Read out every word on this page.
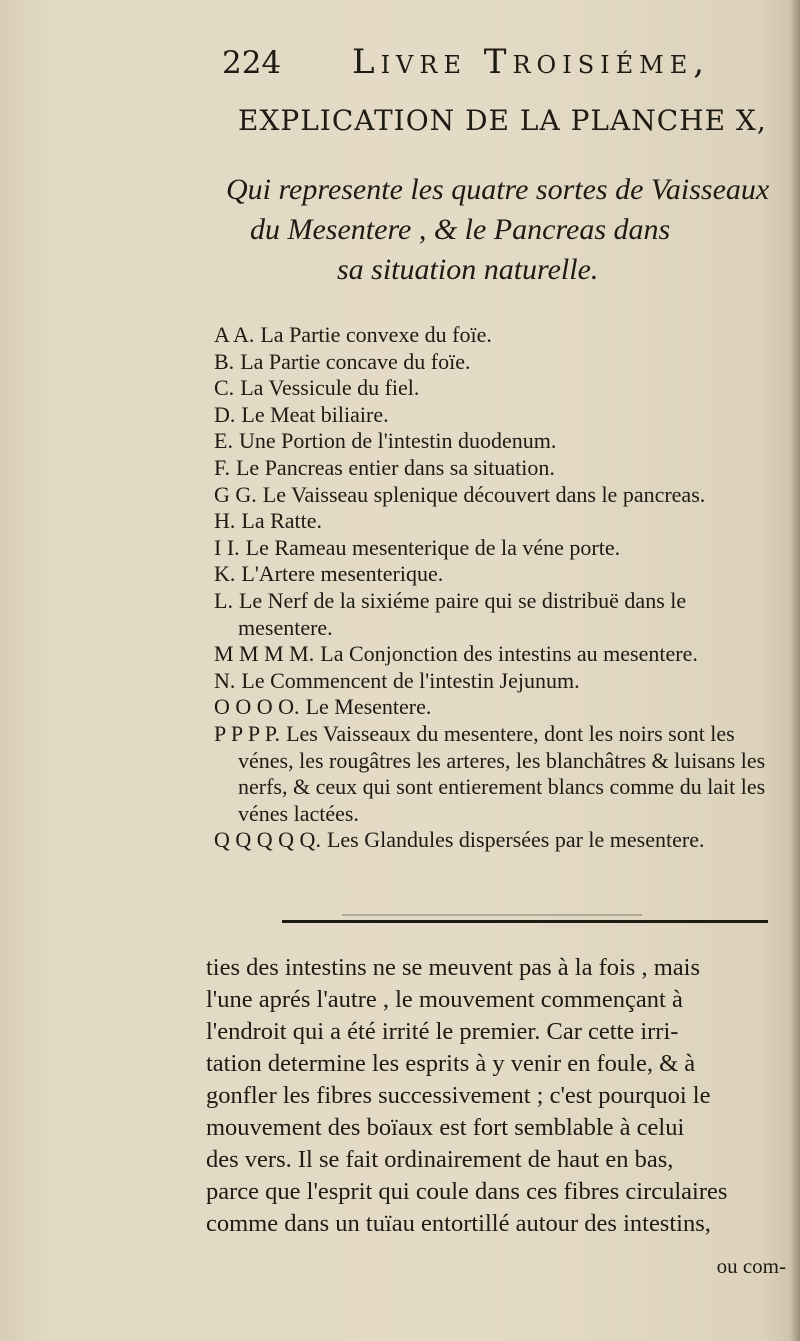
224	Livre Troisiéme,
EXPLICATION DE LA PLANCHE X,
Qui represente les quatre sortes de Vaisseaux
du Mesentere , & le Pancreas dans
sa situation naturelle.
A A. La Partie convexe du foïe.
B. La Partie concave du foïe.
C. La Vessicule du fiel.
D. Le Meat biliaire.
E. Une Portion de l'intestin duodenum.
F. Le Pancreas entier dans sa situation.
G G. Le Vaisseau splenique découvert dans le pancreas.
H. La Ratte.
I I. Le Rameau mesenterique de la véne porte.
K. L'Artere mesenterique.
L. Le Nerf de la sixiéme paire qui se distribuë dans le mesentere.
M M M M. La Conjonction des intestins au mesentere.
N. Le Commencent de l'intestin Jejunum.
O O O O. Le Mesentere.
P P P P. Les Vaisseaux du mesentere, dont les noirs sont les vénes, les rougâtres les arteres, les blanchâtres & luisans les nerfs, & ceux qui sont entierement blancs comme du lait les vénes lactées.
Q Q Q Q Q. Les Glandules dispersées par le mesentere.
ties des intestins ne se meuvent pas à la fois , mais
l'une aprés l'autre , le mouvement commençant à
l'endroit qui a été irrité le premier. Car cette irri-
tation determine les esprits à y venir en foule, & à
gonfler les fibres successivement ; c'est pourquoi le
mouvement des boïaux est fort semblable à celui
des vers. Il se fait ordinairement de haut en bas,
parce que l'esprit qui coule dans ces fibres circulaires
comme dans un tuïau entortillé autour des intestins,
ou com-
